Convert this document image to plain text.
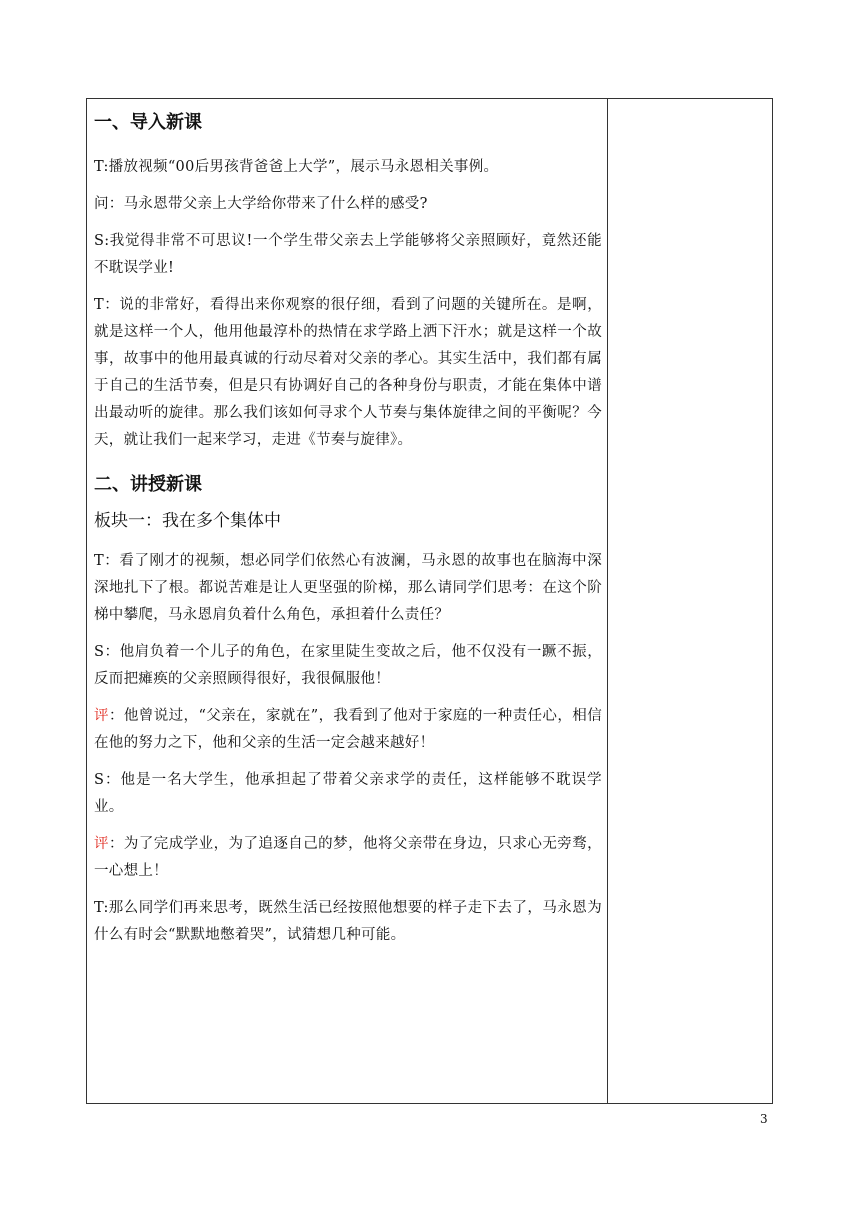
一、导入新课

T:播放视频“00后男孩背爸爸上大学”，展示马永恩相关事例。

问：马永恩带父亲上大学给你带来了什么样的感受?

S:我觉得非常不可思议!一个学生带父亲去上学能够将父亲照顾好，竟然还能不耽误学业!

T：说的非常好，看得出来你观察的很仔细，看到了问题的关键所在。是啊，就是这样一个人，他用他最淳朴的热情在求学路上洒下汗水；就是这样一个故事，故事中的他用最真诚的行动尽着对父亲的孝心。其实生活中，我们都有属于自己的生活节奏，但是只有协调好自己的各种身份与职责，才能在集体中谱出最动听的旋律。那么我们该如何寻求个人节奏与集体旋律之间的平衡呢？今天，就让我们一起来学习，走进《节奏与旋律》。

二、讲授新课
板块一：我在多个集体中

T：看了刚才的视频，想必同学们依然心有波澜，马永恩的故事也在脑海中深深地扎下了根。都说苦难是让人更坚强的阶梯，那么请同学们思考：在这个阶梯中攀爬，马永恩肩负着什么角色，承担着什么责任？

S：他肩负着一个儿子的角色，在家里陡生变故之后，他不仅没有一蹶不振，反而把瘫痪的父亲照顾得很好，我很佩服他！

评：他曾说过，“父亲在，家就在”，我看到了他对于家庭的一种责任心，相信在他的努力之下，他和父亲的生活一定会越来越好！

S：他是一名大学生，他承担起了带着父亲求学的责任，这样能够不耽误学业。

评：为了完成学业，为了追逐自己的梦，他将父亲带在身边，只求心无旁骛，一心想上！

T:那么同学们再来思考，既然生活已经按照他想要的样子走下去了，马永恩为什么有时会“默默地憋着哭”，试猜想几种可能。

3
